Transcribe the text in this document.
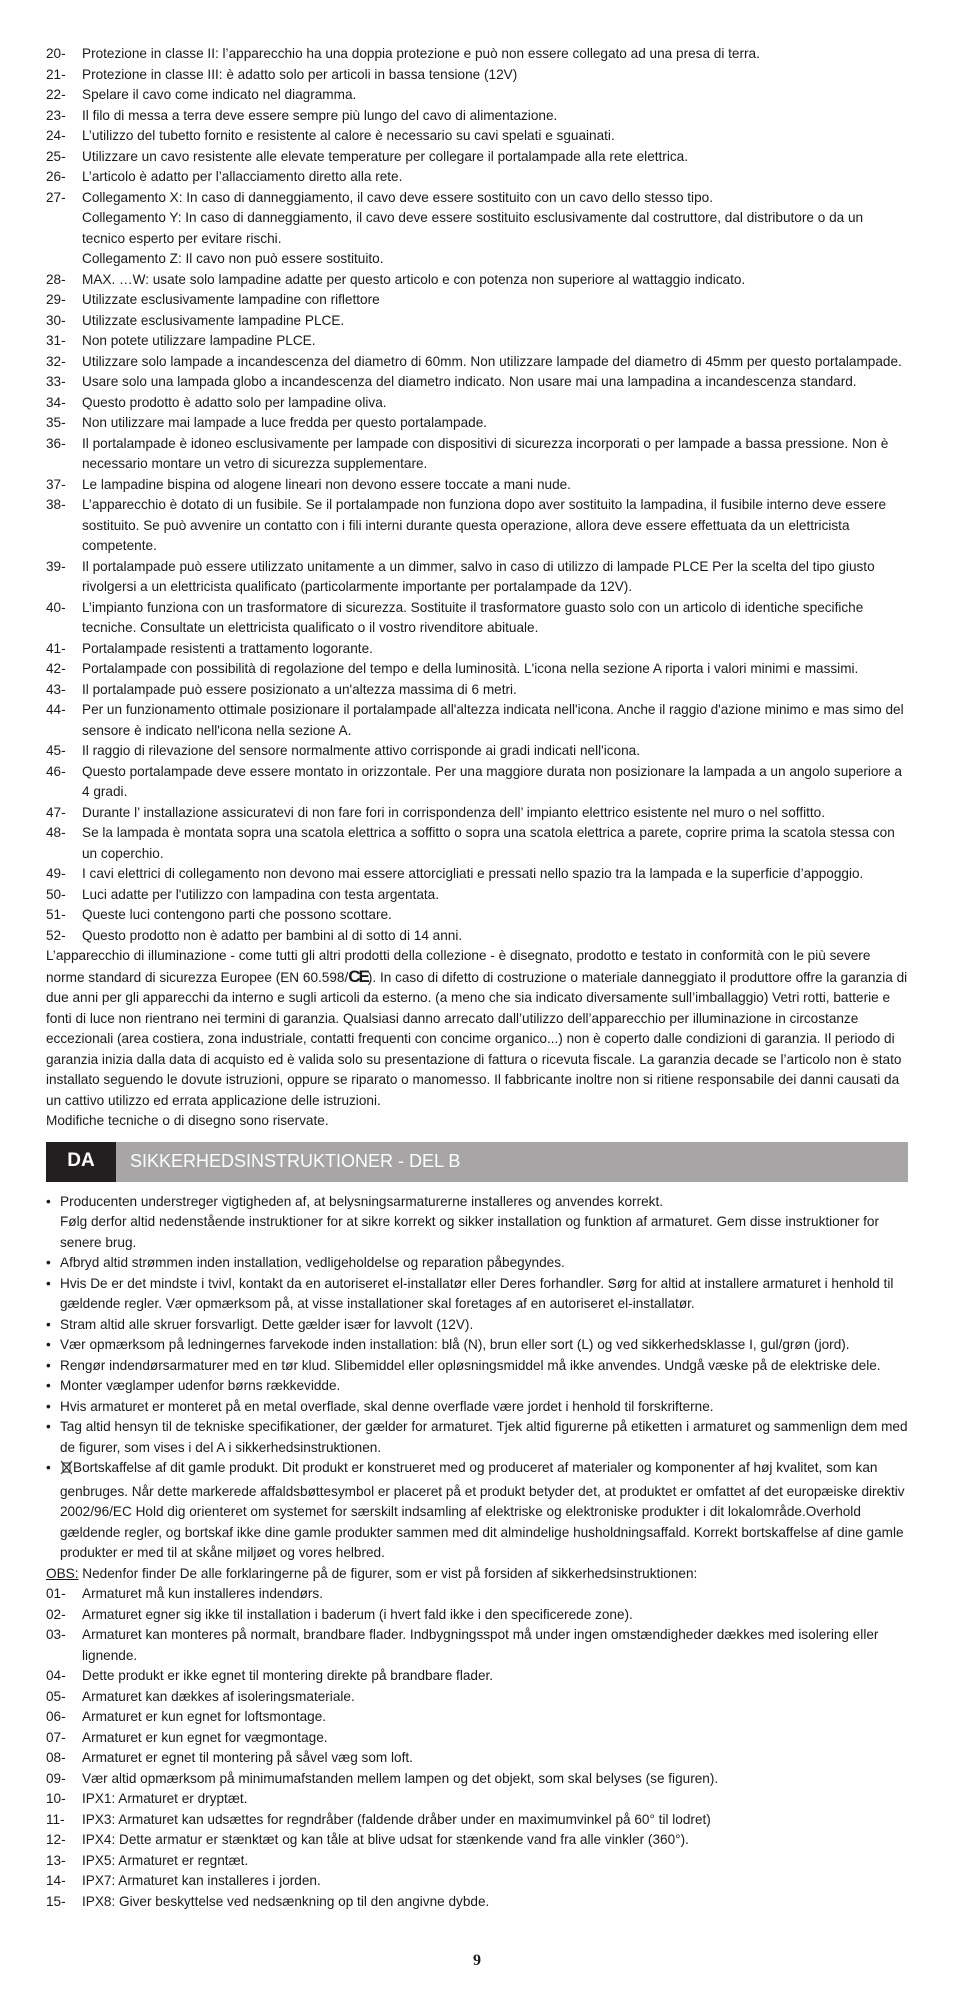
20- Protezione in classe II: l’apparecchio ha una doppia protezione e può non essere collegato ad una presa di terra.
21- Protezione in classe III: è adatto solo per articoli in bassa tensione (12V)
22- Spelare il cavo come indicato nel diagramma.
23- Il filo di messa a terra deve essere sempre più lungo del cavo di alimentazione.
24- L’utilizzo del tubetto fornito e resistente al calore è necessario su cavi spelati e sguainati.
25- Utilizzare un cavo resistente alle elevate temperature per collegare il portalampade alla rete elettrica.
26- L’articolo è adatto per l’allacciamento diretto alla rete.
27- Collegamento X: In caso di danneggiamento, il cavo deve essere sostituito con un cavo dello stesso tipo.
Collegamento Y: In caso di danneggiamento, il cavo deve essere sostituito esclusivamente dal costruttore, dal distributore o da un tecnico esperto per evitare rischi.
Collegamento Z: Il cavo non può essere sostituito.
28- MAX. …W: usate solo lampadine adatte per questo articolo e con potenza non superiore al wattaggio indicato.
29- Utilizzate esclusivamente lampadine con riflettore
30- Utilizzate esclusivamente lampadine PLCE.
31- Non potete utilizzare lampadine PLCE.
32- Utilizzare solo lampade a incandescenza del diametro di 60mm. Non utilizzare lampade del diametro di 45mm per questo portalampade.
33- Usare solo una lampada globo a incandescenza del diametro indicato. Non usare mai una lampadina a incandescenza standard.
34- Questo prodotto è adatto solo per lampadine oliva.
35- Non utilizzare mai lampade a luce fredda per questo portalampade.
36- Il portalampade è idoneo esclusivamente per lampade con dispositivi di sicurezza incorporati o per lampade a bassa pressione. Non è necessario montare un vetro di sicurezza supplementare.
37- Le lampadine bispina od alogene lineari non devono essere toccate a mani nude.
38- L’apparecchio è dotato di un fusibile. Se il portalampade non funziona dopo aver sostituito la lampadina, il fusibile interno deve essere sostituito. Se può avvenire un contatto con i fili interni durante questa operazione, allora deve essere effettuata da un elettricista competente.
39- Il portalampade può essere utilizzato unitamente a un dimmer, salvo in caso di utilizzo di lampade PLCE Per la scelta del tipo giusto rivolgersi a un elettricista qualificato (particolarmente importante per portalampade da 12V).
40- L’impianto funziona con un trasformatore di sicurezza. Sostituite il trasformatore guasto solo con un articolo di identiche specifiche tecniche. Consultate un elettricista qualificato o il vostro rivenditore abituale.
41- Portalampade resistenti a trattamento logorante.
42- Portalampade con possibilità di regolazione del tempo e della luminosità. L'icona nella sezione A riporta i valori minimi e massimi.
43- Il portalampade può essere posizionato a un'altezza massima di 6 metri.
44- Per un funzionamento ottimale posizionare il portalampade all'altezza indicata nell'icona. Anche il raggio d'azione minimo e mas simo del sensore è indicato nell'icona nella sezione A.
45- Il raggio di rilevazione del sensore normalmente attivo corrisponde ai gradi indicati nell'icona.
46- Questo portalampade deve essere montato in orizzontale. Per una maggiore durata non posizionare la lampada a un angolo superiore a 4 gradi.
47- Durante l’ installazione assicuratevi di non fare fori in corrispondenza dell’ impianto elettrico esistente nel muro o nel soffitto.
48- Se la lampada è montata sopra una scatola elettrica a soffitto o sopra una scatola elettrica a parete, coprire prima la scatola stessa con un coperchio.
49- I cavi elettrici di collegamento non devono mai essere attorcigliati e pressati nello spazio tra la lampada e la superficie d’appoggio.
50- Luci adatte per l'utilizzo con lampadina con testa argentata.
51- Queste luci contengono parti che possono scottare.
52- Questo prodotto non è adatto per bambini al di sotto di 14 anni.

L’apparecchio di illuminazione - come tutti gli altri prodotti della collezione - è disegnato, prodotto e testato in conformità con le più severe norme standard di sicurezza Europee (EN 60.598/CE). In caso di difetto di costruzione o materiale danneggiato il produttore offre la garanzia di due anni per gli apparecchi da interno e sugli articoli da esterno. (a meno che sia indicato diversamente sull’imballaggio) Vetri rotti, batterie e fonti di luce non rientrano nei termini di garanzia. Qualsiasi danno arrecato dall’utilizzo dell’apparecchio per illuminazione in circostanze eccezionali (area costiera, zona industriale, contatti frequenti con concime organico...) non è coperto dalle condizioni di garanzia. Il periodo di garanzia inizia dalla data di acquisto ed è valida solo su presentazione di fattura o ricevuta fiscale. La garanzia decade se l’articolo non è stato installato seguendo le dovute istruzioni, oppure se riparato o manomesso. Il fabbricante inoltre non si ritiene responsabile dei danni causati da un cattivo utilizzo ed errata applicazione delle istruzioni.

Modifiche tecniche o di disegno sono riservate.

DA	SIKKERHEDSINSTRUKTIONER - DEL B
• Producenten understreger vigtigheden af, at belysningsarmaturerne installeres og anvendes korrekt.
Følg derfor altid nedenstående instruktioner for at sikre korrekt og sikker installation og funktion af armaturet. Gem disse instruktioner for senere brug.
• Afbryd altid strømmen inden installation, vedligeholdelse og reparation påbegyndes.
• Hvis De er det mindste i tvivl, kontakt da en autoriseret el-installatør eller Deres forhandler. Sørg for altid at installere armaturet i henhold til gældende regler. Vær opmærksom på, at visse installationer skal foretages af en autoriseret el-installatør.
• Stram altid alle skruer forsvarligt. Dette gælder især for lavvolt (12V).
• Vær opmærksom på ledningernes farvekode inden installation: blå (N), brun eller sort (L) og ved sikkerhedsklasse I, gul/grøn (jord).
• Rengør indendørsarmaturer med en tør klud. Slibemiddel eller opløsningsmiddel må ikke anvendes. Undgå væske på de elektriske dele.
• Monter væglamper udenfor børns rækkevidde.
• Hvis armaturet er monteret på en metal overflade, skal denne overflade være jordet i henhold til forskrifterne.
• Tag altid hensyn til de tekniske specifikationer, der gælder for armaturet. Tjek altid figurerne på etiketten i armaturet og sammenlign dem med de figurer, som vises i del A i sikkerhedsinstruktionen.
• Bortskaffelse af dit gamle produkt. Dit produkt er konstrueret med og produceret af materialer og komponenter af høj kvalitet, som kan genbruges. Når dette markerede affaldsbøttesymbol er placeret på et produkt betyder det, at produktet er omfattet af det europæiske direktiv 2002/96/EC Hold dig orienteret om systemet for særskilt indsamling af elektriske og elektroniske produkter i dit lokalområde.Overhold gældende regler, og bortskaf ikke dine gamle produkter sammen med dit almindelige husholdningsaffald. Korrekt bortskaffelse af dine gamle produkter er med til at skåne miljøet og vores helbred.

OBS: Nedenfor finder De alle forklaringerne på de figurer, som er vist på forsiden af sikkerhedsinstruktionen:

01- Armaturet må kun installeres indendørs.
02- Armaturet egner sig ikke til installation i baderum (i hvert fald ikke i den specificerede zone).
03- Armaturet kan monteres på normalt, brandbare flader. Indbygningsspot må under ingen omstændigheder dækkes med isolering eller lignende.
04- Dette produkt er ikke egnet til montering direkte på brandbare flader.
05- Armaturet kan dækkes af isoleringsmateriale.
06- Armaturet er kun egnet for loftsmontage.
07- Armaturet er kun egnet for vægmontage.
08- Armaturet er egnet til montering på såvel væg som loft.
09- Vær altid opmærksom på minimumafstanden mellem lampen og det objekt, som skal belyses (se figuren).
10- IPX1: Armaturet er dryptæt.
11- IPX3: Armaturet kan udsættes for regndråber (faldende dråber under en maximumvinkel på 60° til lodret)
12- IPX4: Dette armatur er stænktæt og kan tåle at blive udsat for stænkende vand fra alle vinkler (360°).
13- IPX5: Armaturet er regntæt.
14- IPX7: Armaturet kan installeres i jorden.
15- IPX8: Giver beskyttelse ved nedsænkning op til den angivne dybde.
9
